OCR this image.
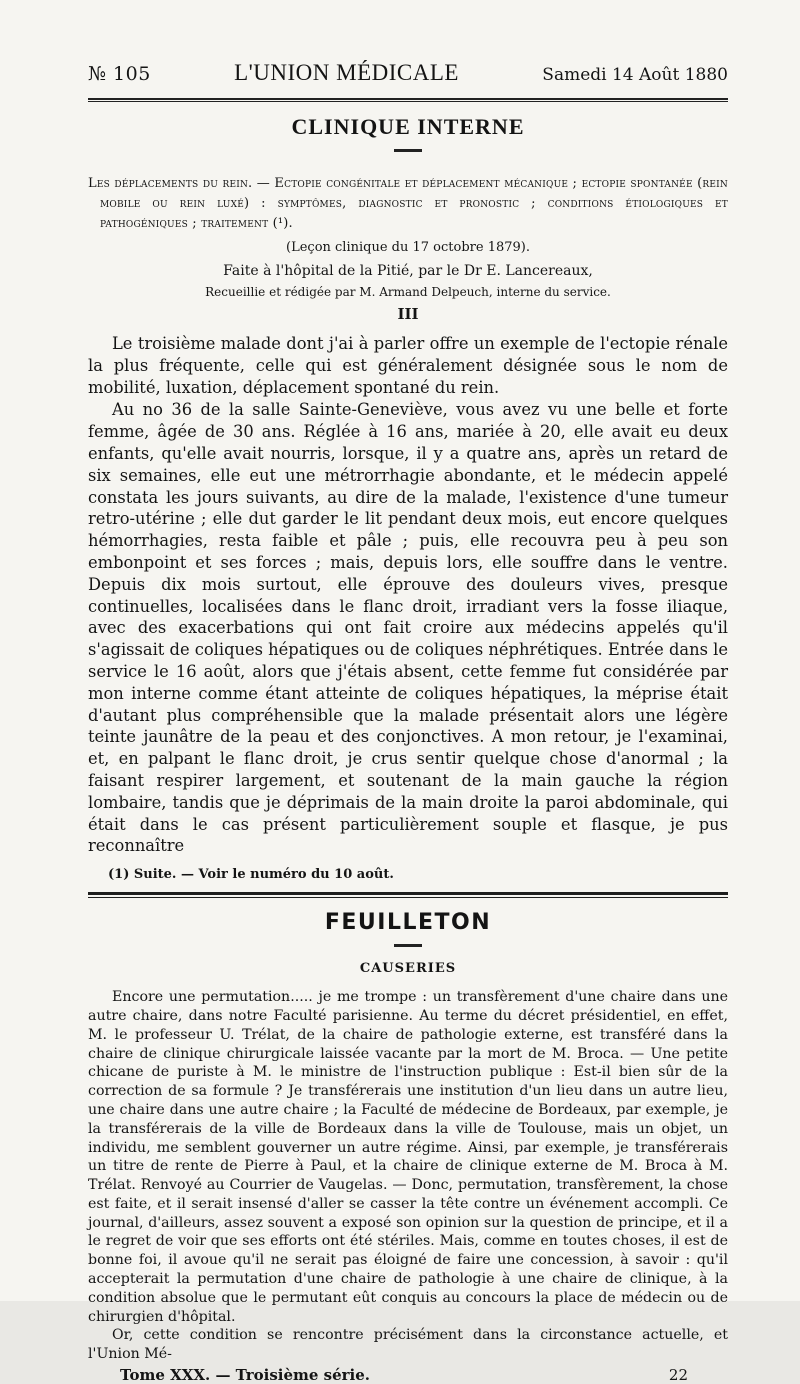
№ 105	L'UNION MÉDICALE	Samedi 14 Août 1880
CLINIQUE INTERNE
Les déplacements du rein. — Ectopie congénitale et déplacement mécanique ; ectopie spontanée (rein mobile ou rein luxé) : symptômes, diagnostic et pronostic ; conditions étiologiques et pathogéniques ; traitement (¹).
(Leçon clinique du 17 octobre 1879).
Faite à l'hôpital de la Pitié, par le Dr E. Lancereaux,
Recueillie et rédigée par M. Armand Delpeuch, interne du service.
III

Le troisième malade dont j'ai à parler offre un exemple de l'ectopie rénale la plus fréquente, celle qui est généralement désignée sous le nom de mobilité, luxation, déplacement spontané du rein.

Au no 36 de la salle Sainte-Geneviève, vous avez vu une belle et forte femme, âgée de 30 ans. Réglée à 16 ans, mariée à 20, elle avait eu deux enfants, qu'elle avait nourris, lorsque, il y a quatre ans, après un retard de six semaines, elle eut une métrorrhagie abondante, et le médecin appelé constata les jours suivants, au dire de la malade, l'existence d'une tumeur retro-utérine ; elle dut garder le lit pendant deux mois, eut encore quelques hémorrhagies, resta faible et pâle ; puis, elle recouvra peu à peu son embonpoint et ses forces ; mais, depuis lors, elle souffre dans le ventre. Depuis dix mois surtout, elle éprouve des douleurs vives, presque continuelles, localisées dans le flanc droit, irradiant vers la fosse iliaque, avec des exacerbations qui ont fait croire aux médecins appelés qu'il s'agissait de coliques hépatiques ou de coliques néphrétiques. Entrée dans le service le 16 août, alors que j'étais absent, cette femme fut considérée par mon interne comme étant atteinte de coliques hépatiques, la méprise était d'autant plus compréhensible que la malade présentait alors une légère teinte jaunâtre de la peau et des conjonctives. A mon retour, je l'examinai, et, en palpant le flanc droit, je crus sentir quelque chose d'anormal ; la faisant respirer largement, et soutenant de la main gauche la région lombaire, tandis que je déprimais de la main droite la paroi abdominale, qui était dans le cas présent particulièrement souple et flasque, je pus reconnaître

(1) Suite. — Voir le numéro du 10 août.
FEUILLETON
CAUSERIES

Encore une permutation..... je me trompe : un transfèrement d'une chaire dans une autre chaire, dans notre Faculté parisienne. Au terme du décret présidentiel, en effet, M. le professeur U. Trélat, de la chaire de pathologie externe, est transféré dans la chaire de clinique chirurgicale laissée vacante par la mort de M. Broca. — Une petite chicane de puriste à M. le ministre de l'instruction publique : Est-il bien sûr de la correction de sa formule ? Je transférerais une institution d'un lieu dans un autre lieu, une chaire dans une autre chaire ; la Faculté de médecine de Bordeaux, par exemple, je la transférerais de la ville de Bordeaux dans la ville de Toulouse, mais un objet, un individu, me semblent gouverner un autre régime. Ainsi, par exemple, je transférerais un titre de rente de Pierre à Paul, et la chaire de clinique externe de M. Broca à M. Trélat. Renvoyé au Courrier de Vaugelas. — Donc, permutation, transfèrement, la chose est faite, et il serait insensé d'aller se casser la tête contre un événement accompli. Ce journal, d'ailleurs, assez souvent a exposé son opinion sur la question de principe, et il a le regret de voir que ses efforts ont été stériles. Mais, comme en toutes choses, il est de bonne foi, il avoue qu'il ne serait pas éloigné de faire une concession, à savoir : qu'il accepterait la permutation d'une chaire de pathologie à une chaire de clinique, à la condition absolue que le permutant eût conquis au concours la place de médecin ou de chirurgien d'hôpital.

Or, cette condition se rencontre précisément dans la circonstance actuelle, et l'Union Mé-

Tome XXX. — Troisième série.	22
